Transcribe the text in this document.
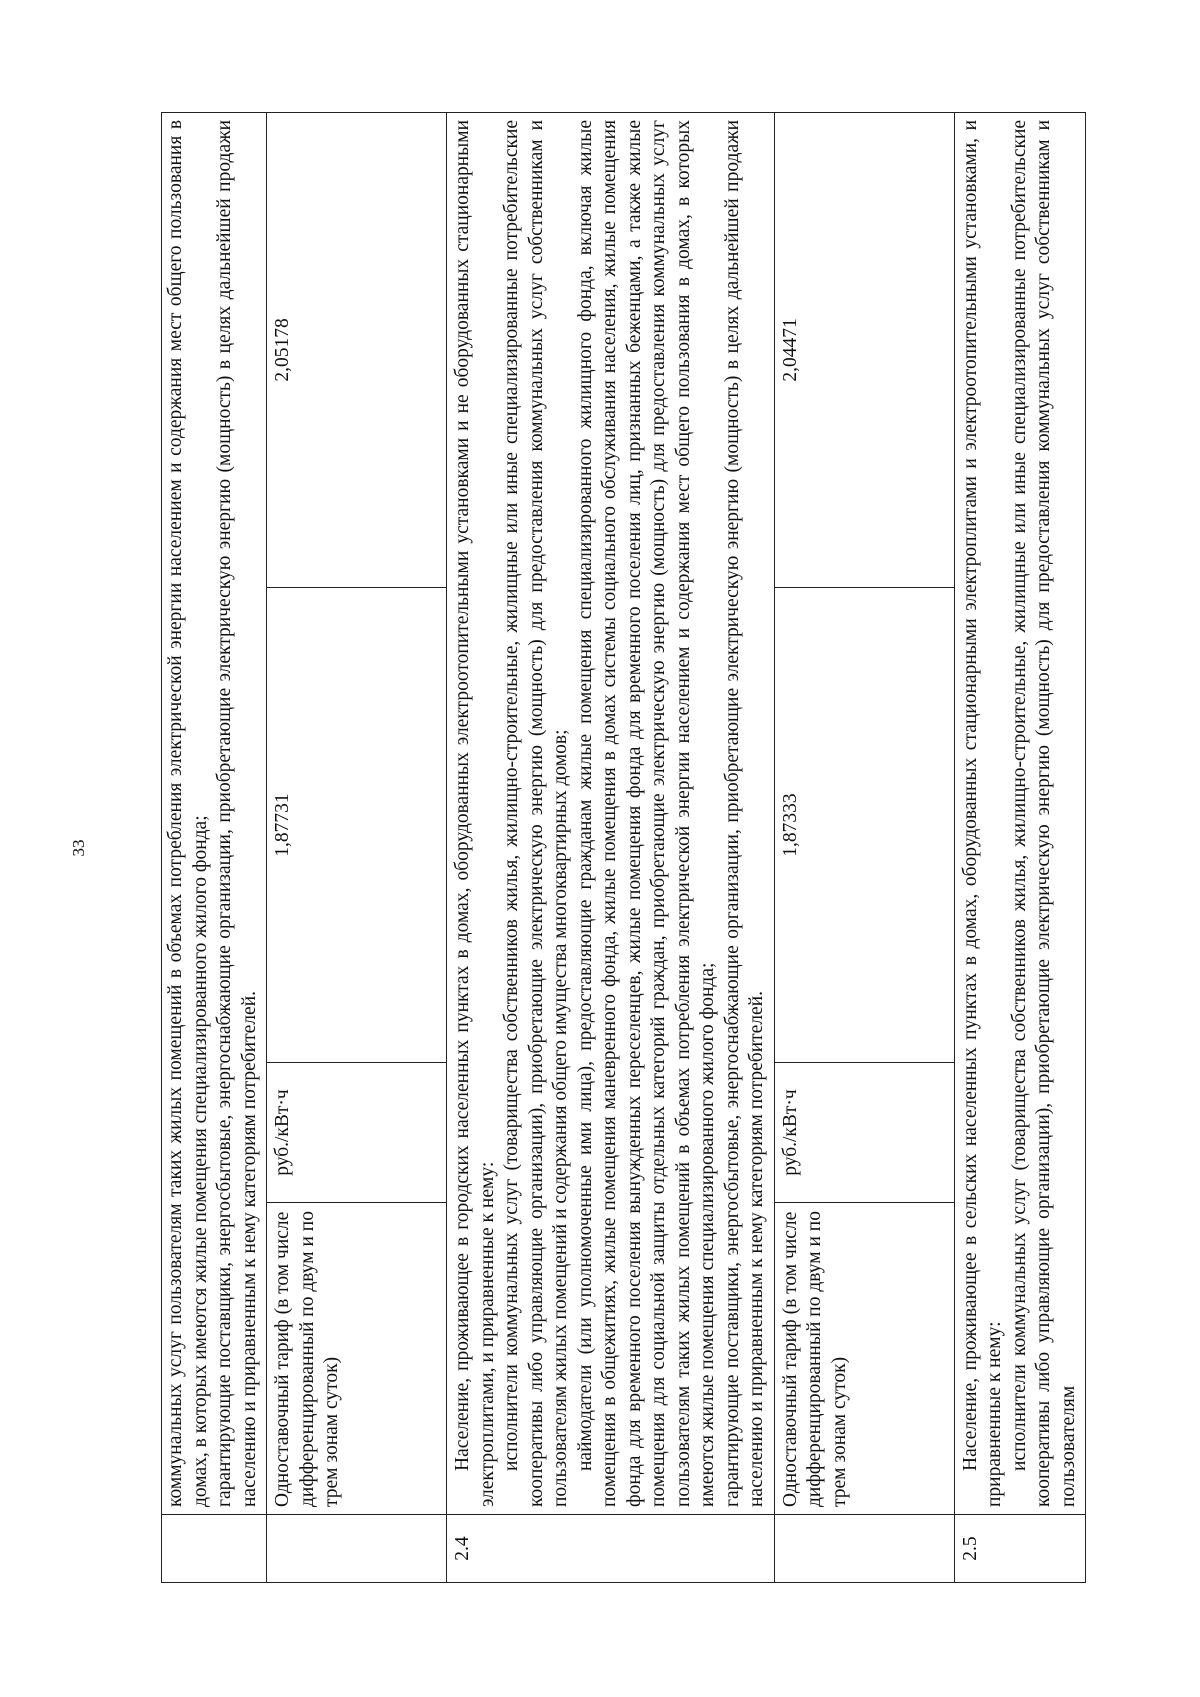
33

	коммунальных услуг пользователям таких жилых помещений в объемах потребления электрической энергии населением и содержания мест общего пользования в домах, в которых имеются жилые помещения специализированного жилого фонда; гарантирующие поставщики, энергосбытовые, энергоснабжающие организации, приобретающие электрическую энергию (мощность) в целях дальнейшей продажи населению и приравненным к нему категориям потребителей.			

	Одноставочный тариф (в том числе дифференцированный по двум и по трем зонам суток)	руб./кВт·ч	1,87731	2,05178
2.4	Население, проживающее в городских населенных пунктах в домах, оборудованных электроотопительными установками и не оборудованных стационарными электроплитами, и приравненные к нему: исполнители коммунальных услуг (товарищества собственников жилья, жилищно-строительные, жилищные или иные специализированные потребительские кооперативы либо управляющие организации), приобретающие электрическую энергию (мощность) для предоставления коммунальных услуг собственникам и пользователям жилых помещений и содержания общего имущества многоквартирных домов; наймодатели (или уполномоченные ими лица), предоставляющие гражданам жилые помещения специализированного жилищного фонда, включая жилые помещения в общежитиях, жилые помещения маневренного фонда, жилые помещения в домах системы социального обслуживания населения, жилые помещения фонда для временного поселения вынужденных переселенцев, жилые помещения фонда для временного поселения лиц, признанных беженцами, а также жилые помещения для социальной защиты отдельных категорий граждан, приобретающие электрическую энергию (мощность) для предоставления коммунальных услуг пользователям таких жилых помещений в объемах потребления электрической энергии населением и содержания мест общего пользования в домах, в которых имеются жилые помещения специализированного жилого фонда; гарантирующие поставщики, энергосбытовые, энергоснабжающие организации, приобретающие электрическую энергию (мощность) в целях дальнейшей продажи населению и приравненным к нему категориям потребителей.			

	Одноставочный тариф (в том числе дифференцированный по двум и по трем зонам суток)	руб./кВт·ч	1,87333	2,04471
2.5	Население, проживающее в сельских населенных пунктах в домах, оборудованных стационарными электроплитами и электроотопительными установками, и приравненные к нему: исполнители коммунальных услуг (товарищества собственников жилья, жилищно-строительные, жилищные или иные специализированные потребительские кооперативы либо управляющие организации), приобретающие электрическую энергию (мощность) для предоставления коммунальных услуг собственникам и пользователям			
